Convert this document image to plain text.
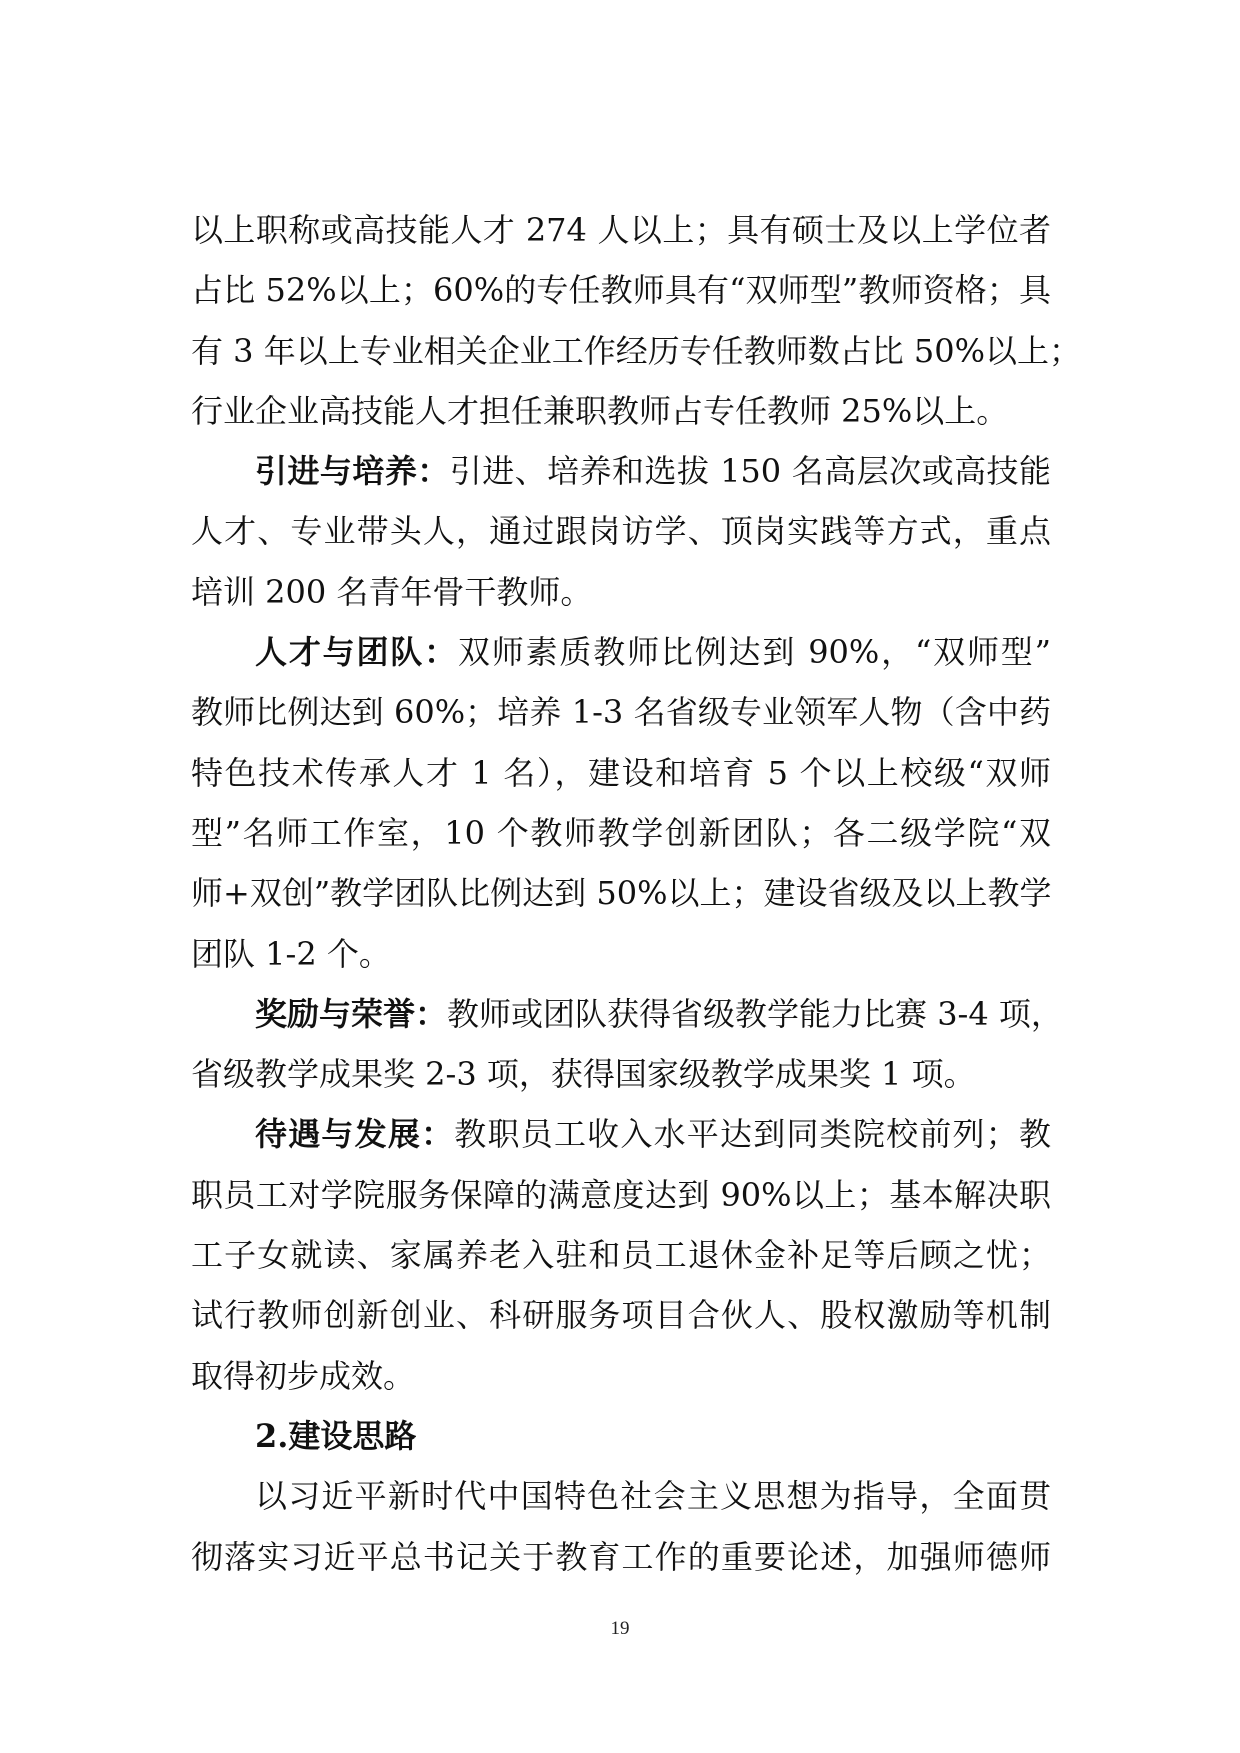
以上职称或高技能人才 274 人以上；具有硕士及以上学位者
占比 52%以上；60%的专任教师具有“双师型”教师资格；具
有 3 年以上专业相关企业工作经历专任教师数占比 50%以上；
行业企业高技能人才担任兼职教师占专任教师 25%以上。
引进与培养：引进、培养和选拔 150 名高层次或高技能
人才、专业带头人，通过跟岗访学、顶岗实践等方式，重点
培训 200 名青年骨干教师。
人才与团队：双师素质教师比例达到 90%，“双师型”
教师比例达到 60%；培养 1-3 名省级专业领军人物（含中药
特色技术传承人才 1 名），建设和培育 5 个以上校级“双师
型”名师工作室，10 个教师教学创新团队；各二级学院“双
师+双创”教学团队比例达到 50%以上；建设省级及以上教学
团队 1-2 个。
奖励与荣誉：教师或团队获得省级教学能力比赛 3-4 项，
省级教学成果奖 2-3 项，获得国家级教学成果奖 1 项。
待遇与发展：教职员工收入水平达到同类院校前列；教
职员工对学院服务保障的满意度达到 90%以上；基本解决职
工子女就读、家属养老入驻和员工退休金补足等后顾之忧；
试行教师创新创业、科研服务项目合伙人、股权激励等机制
取得初步成效。
2.建设思路
以习近平新时代中国特色社会主义思想为指导，全面贯
彻落实习近平总书记关于教育工作的重要论述，加强师德师
19
